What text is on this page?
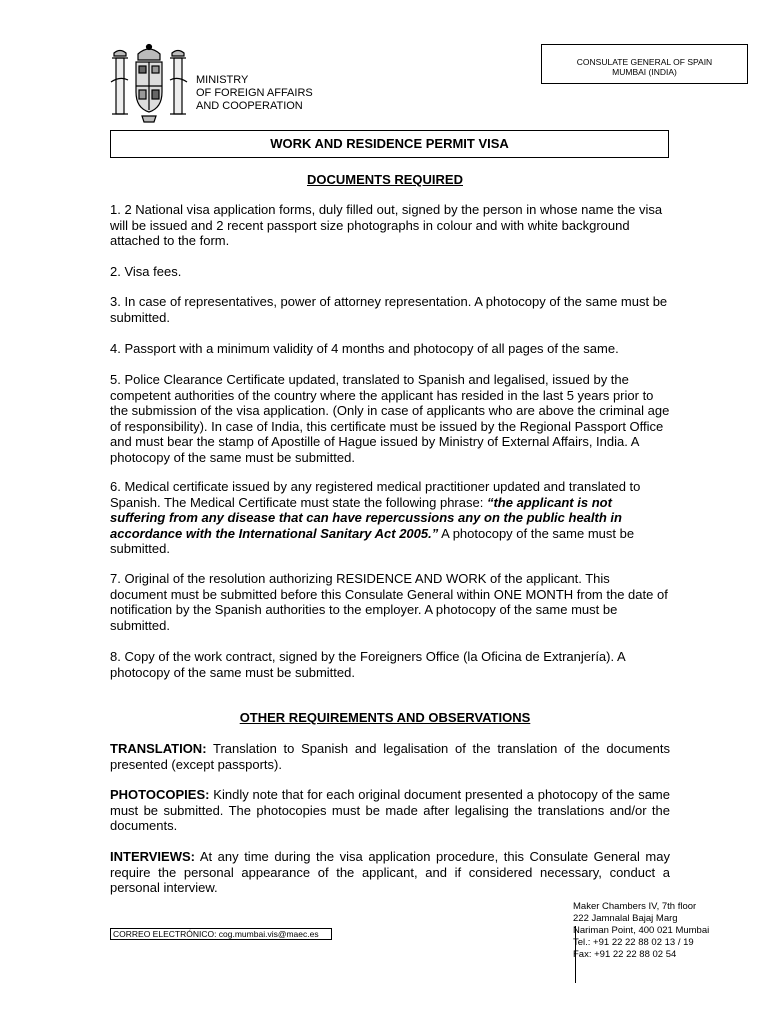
CONSULATE GENERAL OF SPAIN
MUMBAI (INDIA)
MINISTRY
OF FOREIGN AFFAIRS
AND COOPERATION
WORK AND RESIDENCE PERMIT VISA
DOCUMENTS REQUIRED

1. 2 National visa application forms, duly filled out, signed by the person in whose name the visa will be issued and 2 recent passport size photographs in colour and with white background attached to the form.

2. Visa fees.

3. In case of representatives, power of attorney representation. A photocopy of the same must be submitted.

4. Passport with a minimum validity of 4 months and photocopy of all pages of the same.

5. Police Clearance Certificate updated, translated to Spanish and legalised, issued by the competent authorities of the country where the applicant has resided in the last 5 years prior to the submission of the visa application. (Only in case of applicants who are above the criminal age of responsibility). In case of India, this certificate must be issued by the Regional Passport Office and must bear the stamp of Apostille of Hague issued by Ministry of External Affairs, India. A photocopy of the same must be submitted.

6. Medical certificate issued by any registered medical practitioner updated and translated to Spanish. The Medical Certificate must state the following phrase: “the applicant is not suffering from any disease that can have repercussions any on the public health in accordance with the International Sanitary Act 2005.” A photocopy of the same must be submitted.

7. Original of the resolution authorizing RESIDENCE AND WORK of the applicant. This document must be submitted before this Consulate General within ONE MONTH from the date of notification by the Spanish authorities to the employer. A photocopy of the same must be submitted.

8. Copy of the work contract, signed by the Foreigners Office (la Oficina de Extranjería). A photocopy of the same must be submitted.

OTHER REQUIREMENTS AND OBSERVATIONS

TRANSLATION: Translation to Spanish and legalisation of the translation of the documents presented (except passports).

PHOTOCOPIES: Kindly note that for each original document presented a photocopy of the same must be submitted. The photocopies must be made after legalising the translations and/or the documents.

INTERVIEWS: At any time during the visa application procedure, this Consulate General may require the personal appearance of the applicant, and if considered necessary, conduct a personal interview.

CORREO ELECTRÓNICO: cog.mumbai.vis@maec.es
Maker Chambers IV, 7th floor
222 Jamnalal Bajaj Marg
Nariman Point, 400 021 Mumbai
Tel.: +91 22 22 88 02 13 / 19
Fax: +91 22 22 88 02 54
